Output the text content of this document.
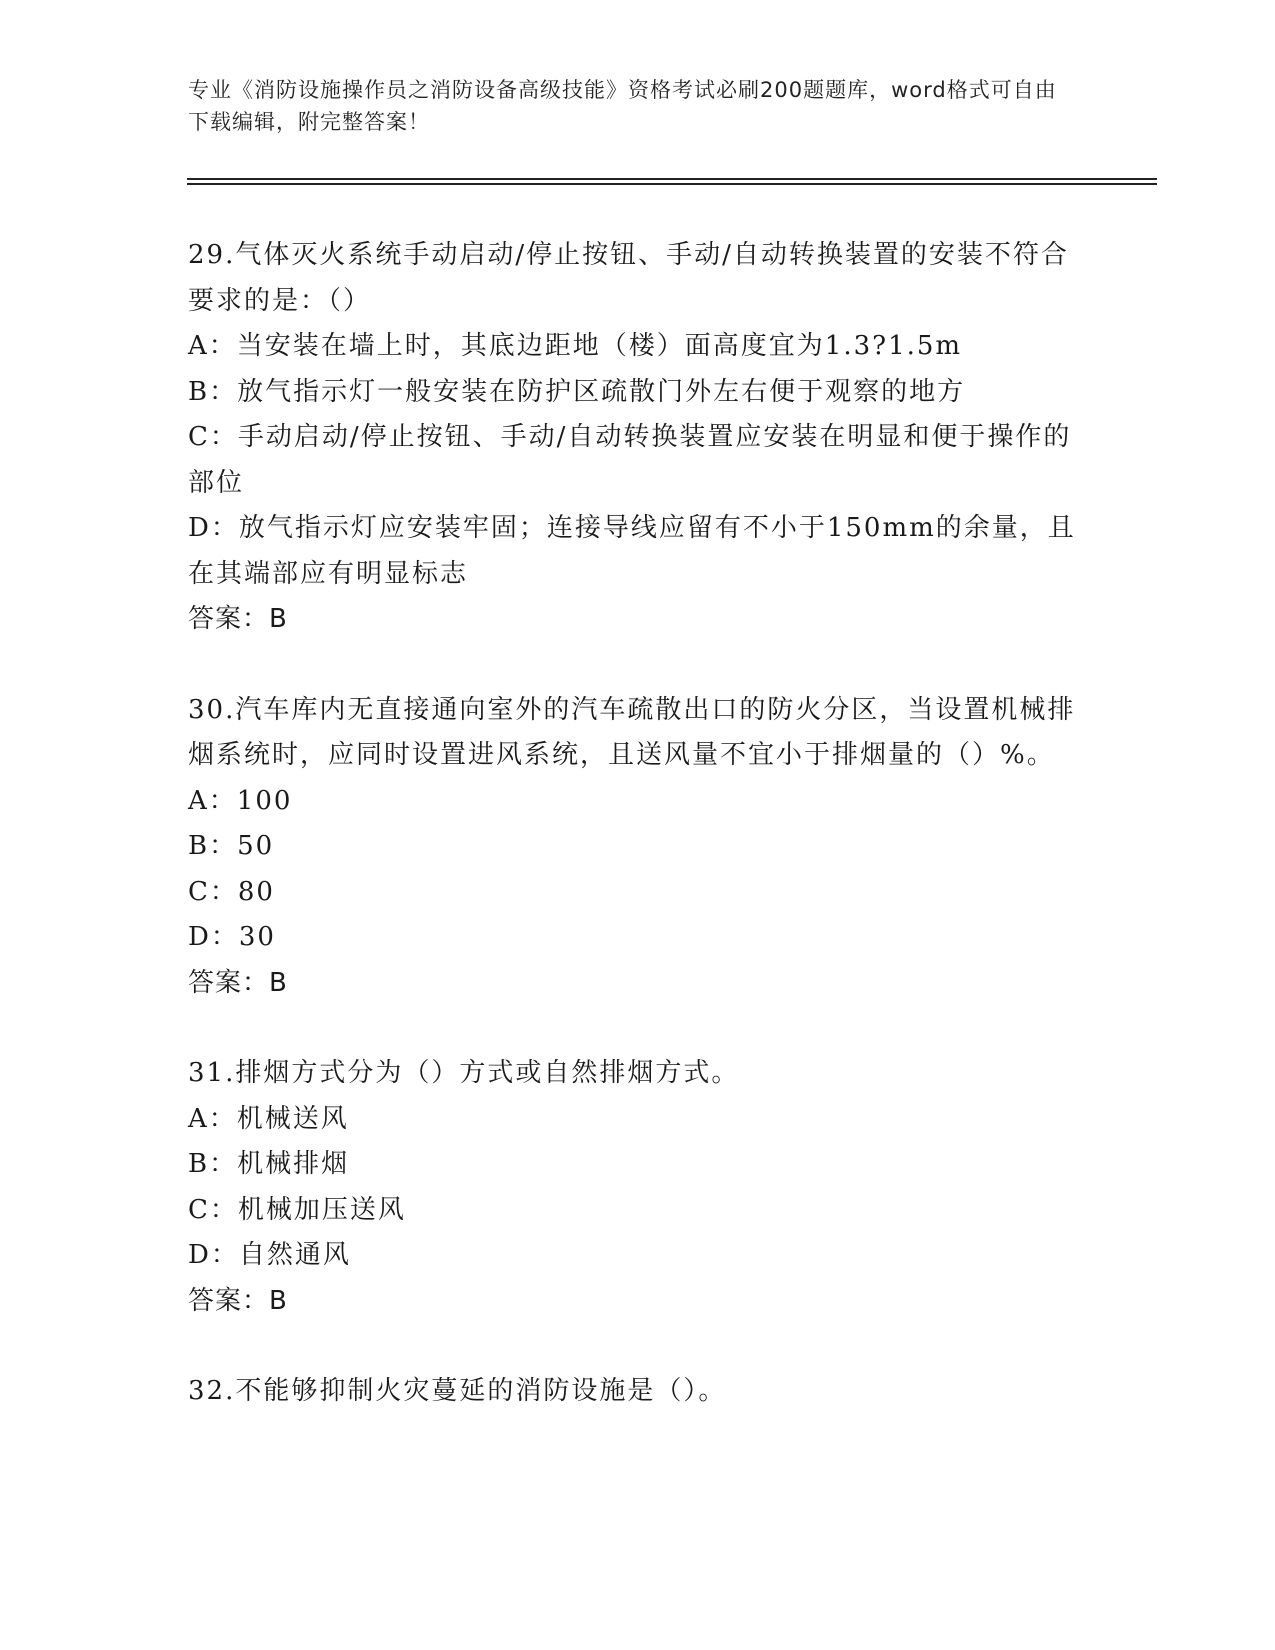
专业《消防设施操作员之消防设备高级技能》资格考试必刷200题题库，word格式可自由下载编辑，附完整答案！

29.气体灭火系统手动启动/停止按钮、手动/自动转换装置的安装不符合要求的是：（）

A：当安装在墙上时，其底边距地（楼）面高度宜为1.3?1.5m

B：放气指示灯一般安装在防护区疏散门外左右便于观察的地方

C：手动启动/停止按钮、手动/自动转换装置应安装在明显和便于操作的部位

D：放气指示灯应安装牢固；连接导线应留有不小于150mm的余量，且在其端部应有明显标志

答案：B

30.汽车库内无直接通向室外的汽车疏散出口的防火分区，当设置机械排烟系统时，应同时设置进风系统，且送风量不宜小于排烟量的（）%。

A：100

B：50

C：80

D：30

答案：B

31.排烟方式分为（）方式或自然排烟方式。

A：机械送风

B：机械排烟

C：机械加压送风

D：自然通风

答案：B

32.不能够抑制火灾蔓延的消防设施是（）。
